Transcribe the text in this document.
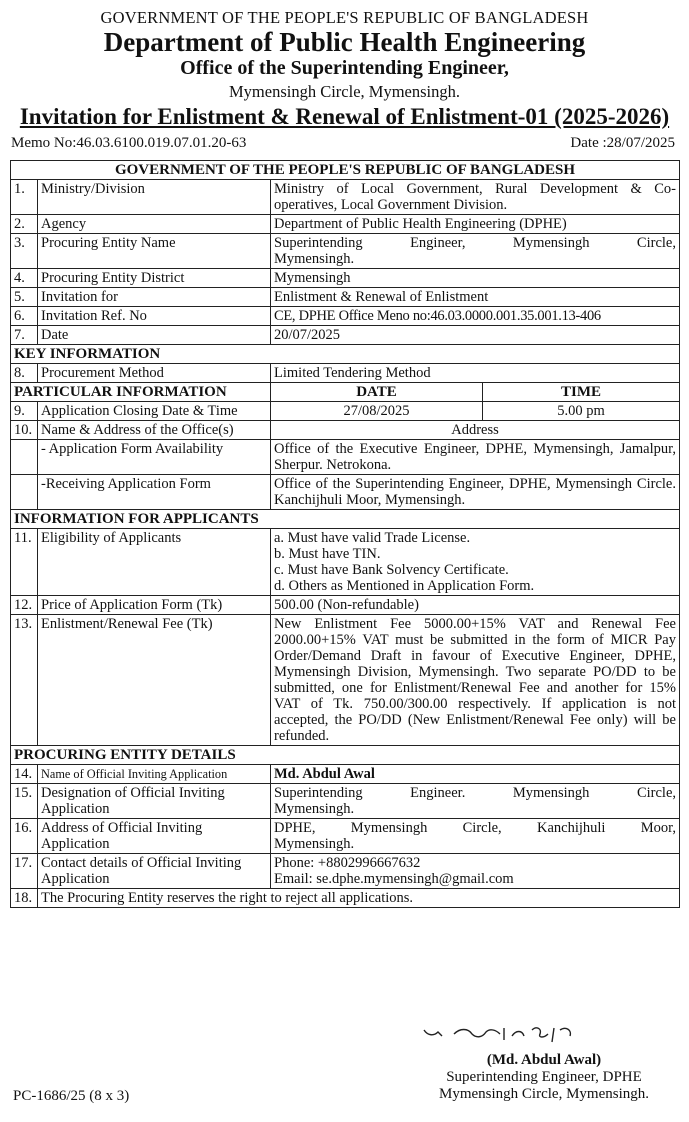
GOVERNMENT OF THE PEOPLE'S REPUBLIC OF BANGLADESH
Department of Public Health Engineering
Office of the Superintending Engineer,
Mymensingh Circle, Mymensingh.
Invitation for Enlistment & Renewal of Enlistment-01 (2025-2026)
Memo No:46.03.6100.019.07.01.20-63	Date :28/07/2025
GOVERNMENT OF THE PEOPLE'S REPUBLIC OF BANGLADESH			
1.	Ministry/Division	Ministry of Local Government, Rural Development & Co-operatives, Local Government Division.	
2.	Agency	Department of Public Health Engineering (DPHE)	
3.	Procuring Entity Name	Superintending Engineer, Mymensingh Circle, Mymensingh.	
4.	Procuring Entity District	Mymensingh	
5.	Invitation for	Enlistment & Renewal of Enlistment	
6.	Invitation Ref. No	CE, DPHE Office Meno no:46.03.0000.001.35.001.13-406	
7.	Date	20/07/2025	
KEY INFORMATION			
8.	Procurement Method	Limited Tendering Method	
PARTICULAR INFORMATION		DATE	TIME
9.	Application Closing Date & Time	27/08/2025	5.00 pm
10.	Name & Address of the Office(s)	Address	
	- Application Form Availability	Office of the Executive Engineer, DPHE, Mymensingh, Jamalpur, Sherpur. Netrokona.	
	-Receiving Application Form	Office of the Superintending Engineer, DPHE, Mymensingh Circle. Kanchijhuli Moor, Mymensingh.	
INFORMATION FOR APPLICANTS			
11.	Eligibility of Applicants	a. Must have valid Trade License.
b. Must have TIN.
c. Must have Bank Solvency Certificate.
d. Others as Mentioned in Application Form.	

12.	Price of Application Form (Tk)	500.00 (Non-refundable)	
13.	Enlistment/Renewal Fee (Tk)	New Enlistment Fee 5000.00+15% VAT and Renewal Fee 2000.00+15% VAT must be submitted in the form of MICR Pay Order/Demand Draft in favour of Executive Engineer, DPHE, Mymensingh Division, Mymensingh. Two separate PO/DD to be submitted, one for Enlistment/Renewal Fee and another for 15% VAT of Tk. 750.00/300.00 respectively. If application is not accepted, the PO/DD (New Enlistment/Renewal Fee only) will be refunded.	
PROCURING ENTITY DETAILS			
14.	Name of Official Inviting Application	Md. Abdul Awal	
15.	Designation of Official Inviting Application	Superintending Engineer. Mymensingh Circle, Mymensingh.	
16.	Address of Official Inviting Application	DPHE, Mymensingh Circle, Kanchijhuli Moor, Mymensingh.	
17.	Contact details of Official Inviting Application	Phone: +8802996667632
Email: se.dphe.mymensingh@gmail.com	

18.	The Procuring Entity reserves the right to reject all applications.		
(Md. Abdul Awal)
Superintending Engineer, DPHE
Mymensingh Circle, Mymensingh.
PC-1686/25 (8 x 3)
